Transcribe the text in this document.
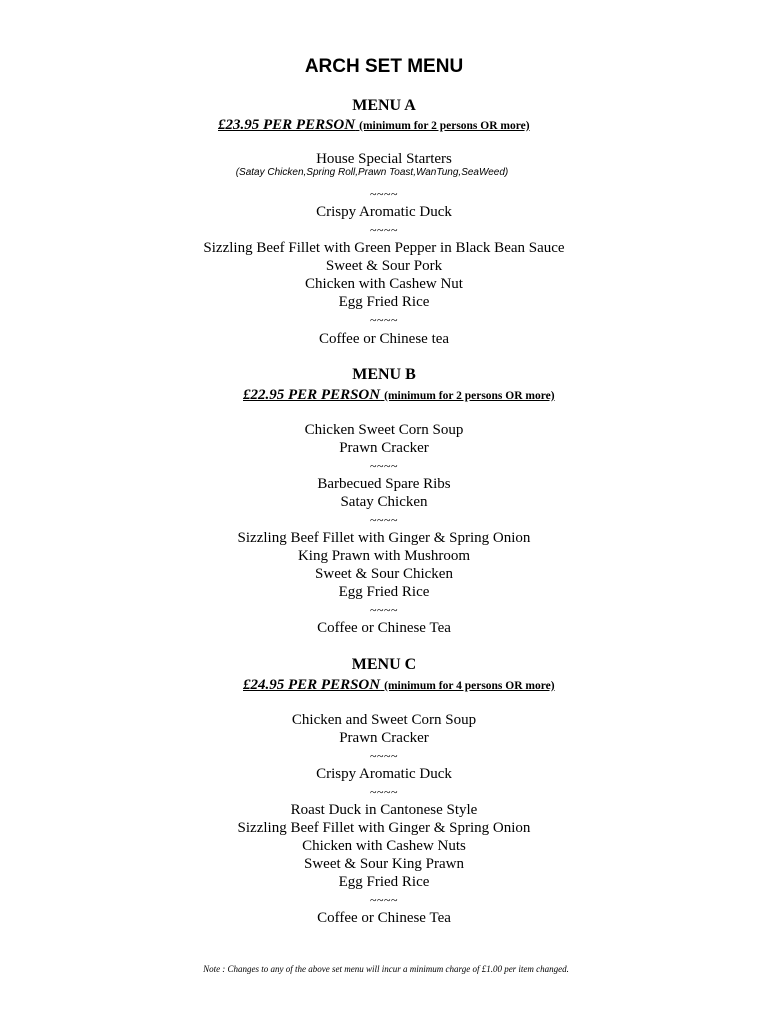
ARCH SET MENU
MENU A
£23.95 PER PERSON (minimum for 2 persons OR more)
House Special Starters
(Satay Chicken,Spring Roll,Prawn Toast,WanTung,SeaWeed)
~~~~
Crispy Aromatic Duck
~~~~
Sizzling Beef Fillet with Green Pepper in Black Bean Sauce
Sweet & Sour Pork
Chicken with Cashew Nut
Egg Fried Rice
~~~~
Coffee or Chinese tea
MENU B
£22.95 PER PERSON (minimum for 2 persons OR more)
Chicken Sweet Corn Soup
Prawn Cracker
~~~~
Barbecued Spare Ribs
Satay Chicken
~~~~
Sizzling Beef Fillet with Ginger & Spring Onion
King Prawn with Mushroom
Sweet & Sour Chicken
Egg Fried Rice
~~~~
Coffee or Chinese Tea
MENU C
£24.95 PER PERSON (minimum for 4 persons OR more)
Chicken and Sweet Corn Soup
Prawn Cracker
~~~~
Crispy Aromatic Duck
~~~~
Roast Duck in Cantonese Style
Sizzling Beef Fillet with Ginger & Spring Onion
Chicken with Cashew Nuts
Sweet & Sour King Prawn
Egg Fried Rice
~~~~
Coffee or Chinese Tea
Note : Changes to any of the above set menu will incur a minimum charge of £1.00 per item changed.
